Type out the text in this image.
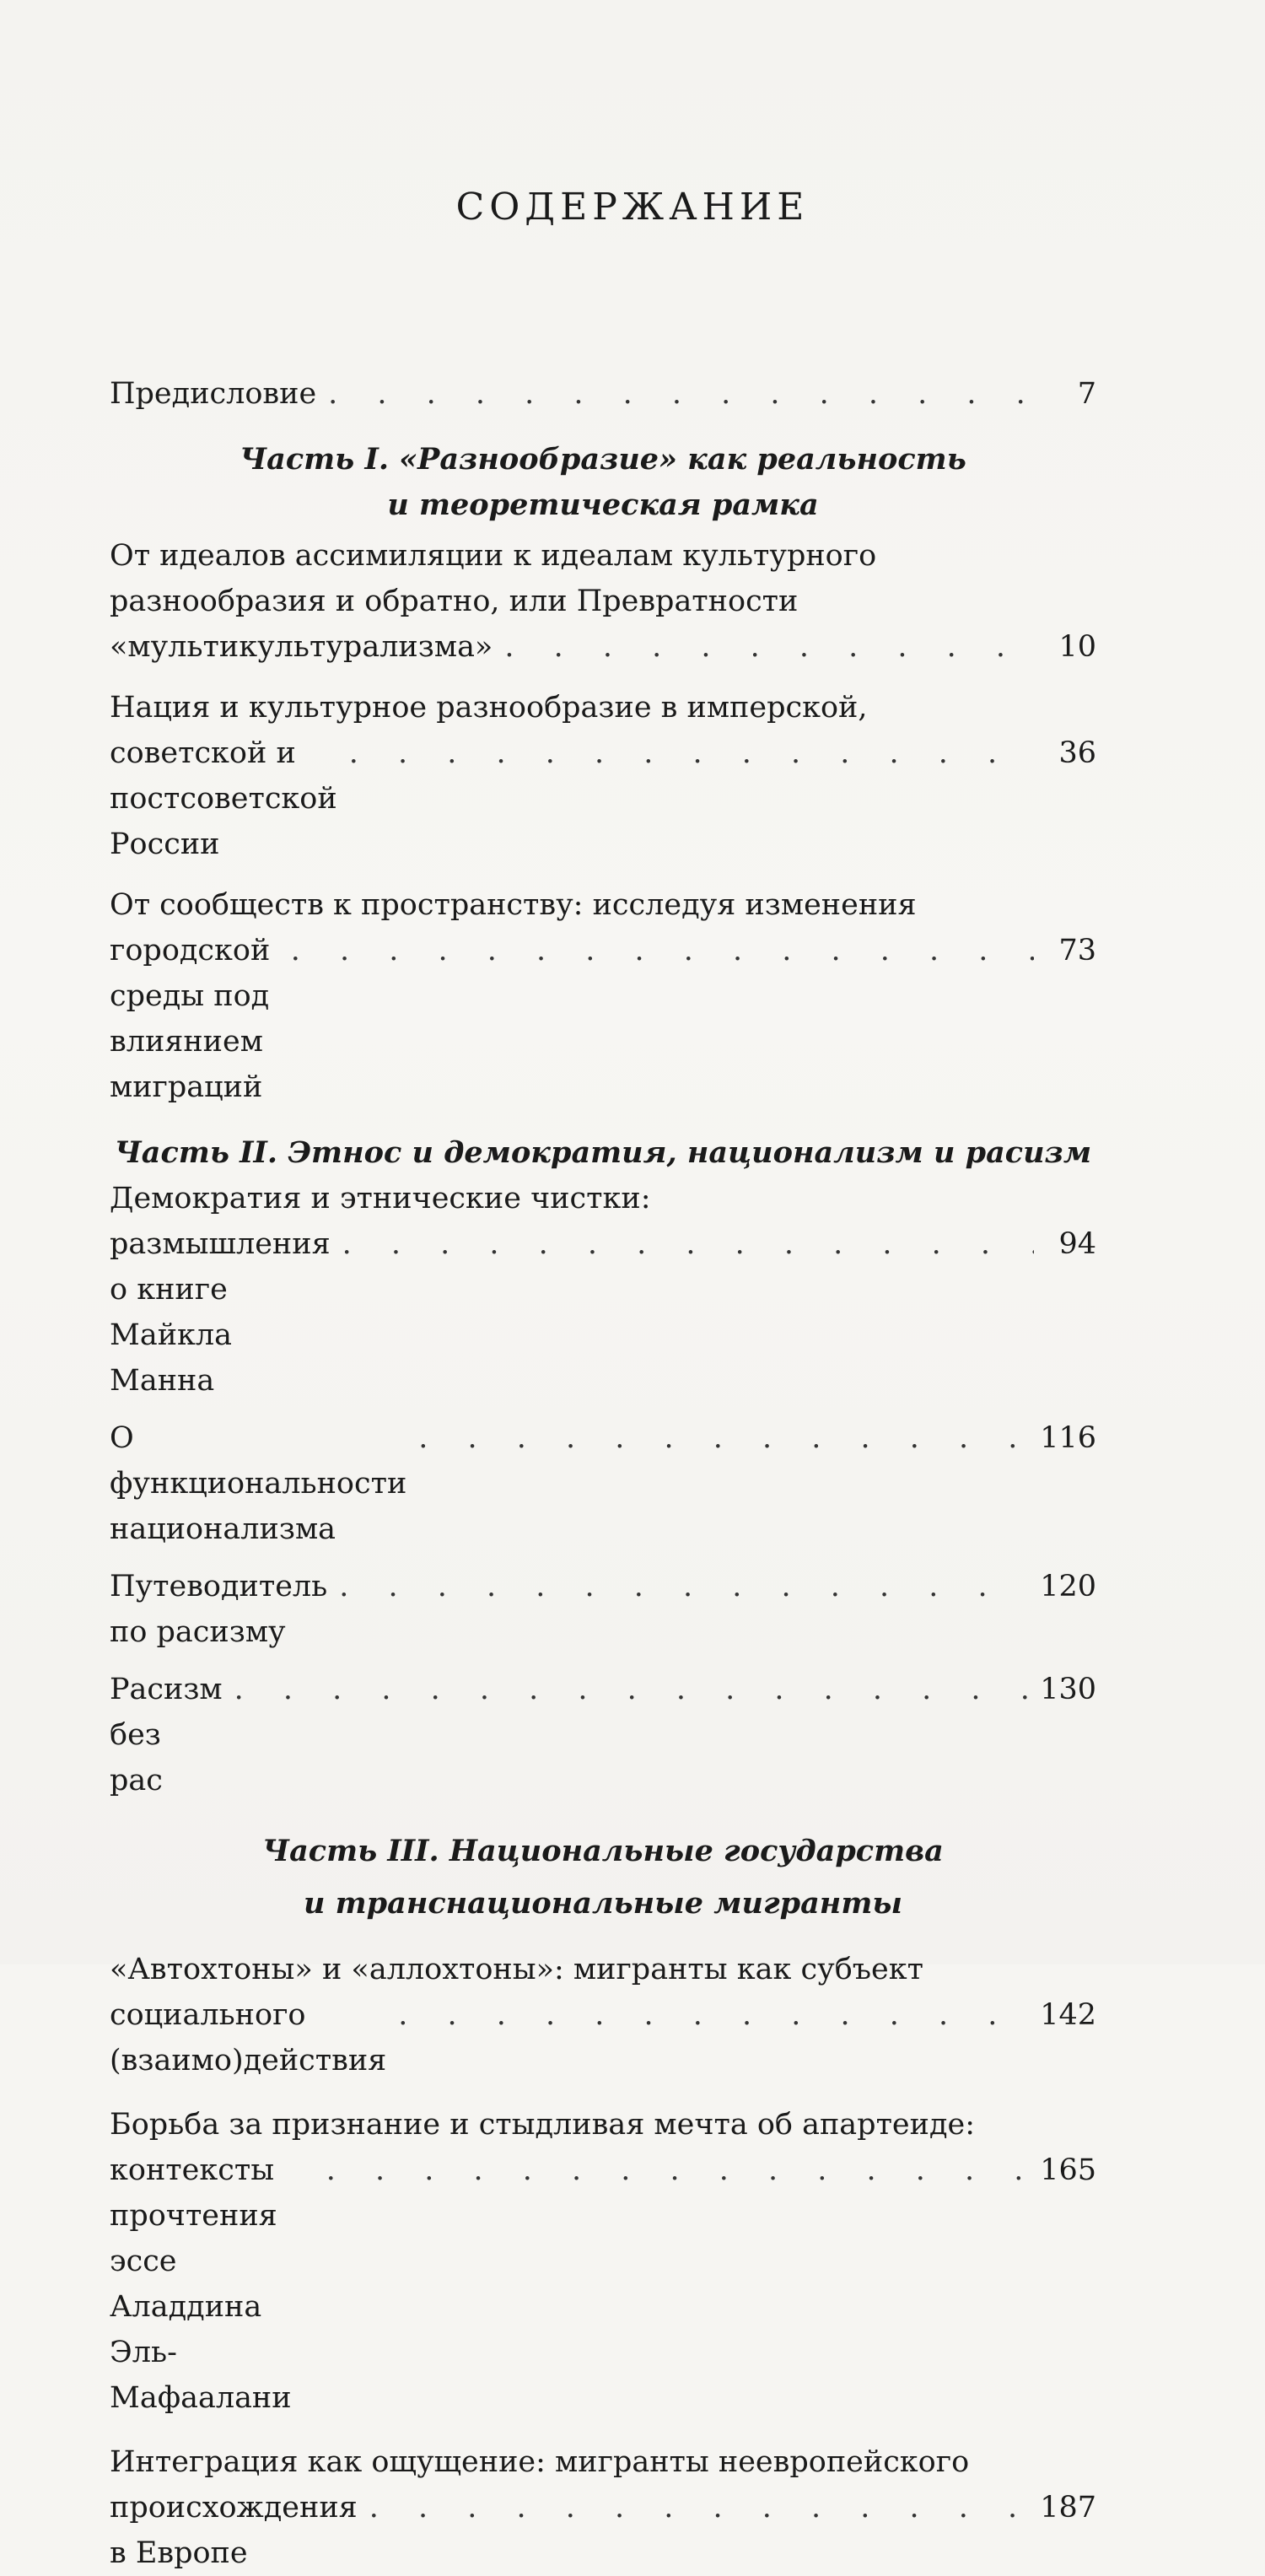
СОДЕРЖАНИЕ
Предисловие . . .	7
Часть I. «Разнообразие» как реальность
и теоретическая рамка
От идеалов ассимиляции к идеалам культурного
разнообразия и обратно, или Превратности
«мультикультурализма» . . .	10
Нация и культурное разнообразие в имперской,
советской и постсоветской России
. . .
36
От сообществ к пространству: исследуя изменения
городской среды под влиянием миграций
. . .
73
Часть II. Этнос и демократия, национализм и расизм
Демократия и этнические чистки:
размышления о книге Майкла Манна
. . .
94
О функциональности национализма
. . .
116
Путеводитель по расизму
. . .
120
Расизм без рас
. . .
130
Часть III. Национальные государства
и транснациональные мигранты
«Автохтоны» и «аллохтоны»: мигранты как субъект
социального (взаимо)действия
. . .
142
Борьба за признание и стыдливая мечта об апартеиде:
контексты прочтения эссе Аладдина Эль-Мафаалани
. . .
165
Интеграция как ощущение: мигранты неевропейского
происхождения в Европе
. . .
187
